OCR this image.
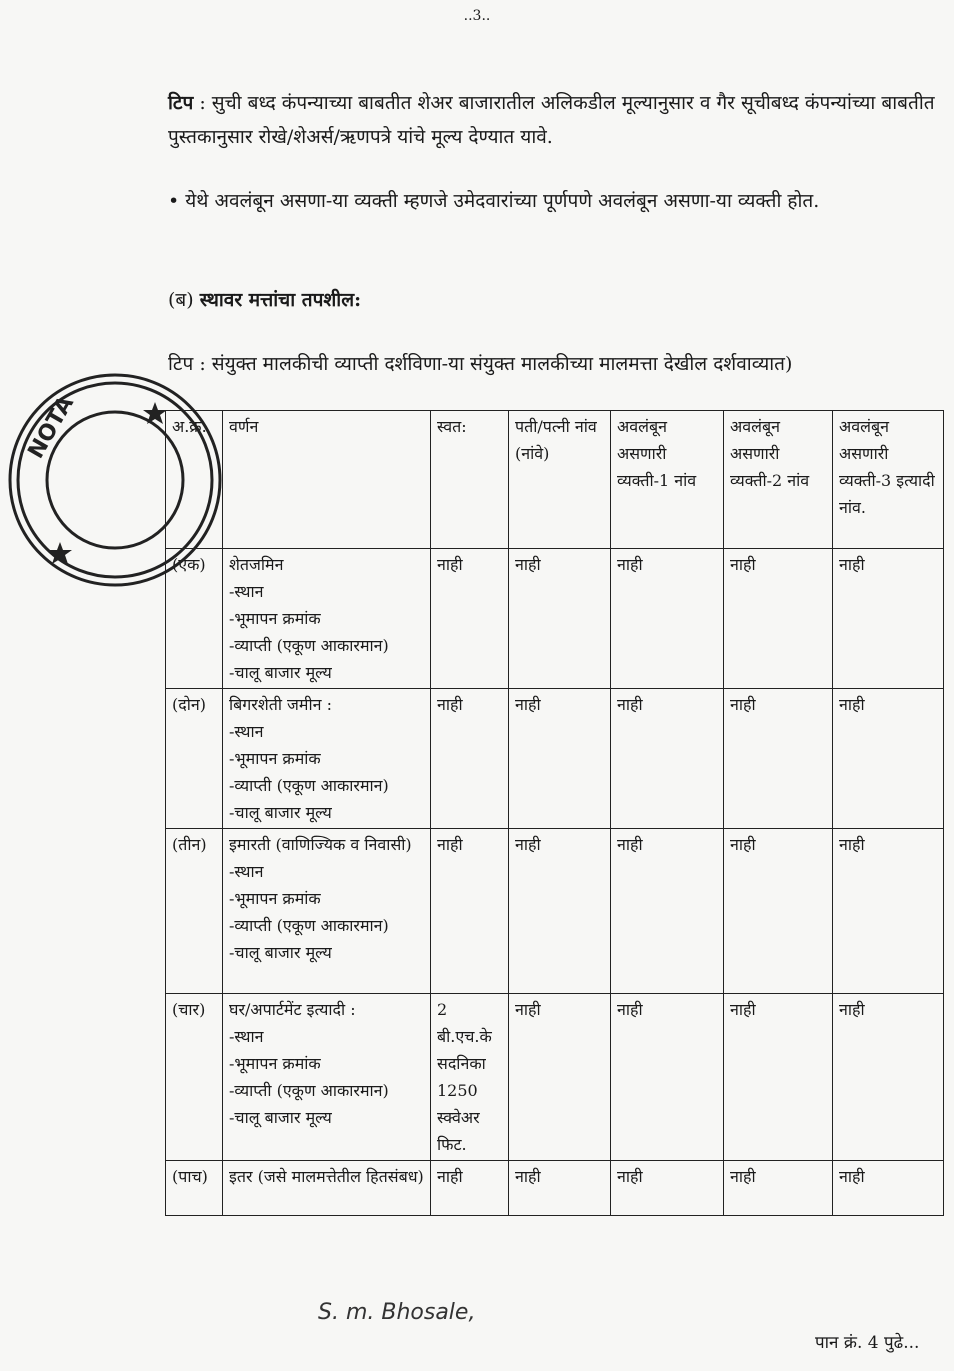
..3..
टिप : सुची बध्द कंपन्याच्या बाबतीत शेअर बाजारातील अलिकडील मूल्यानुसार व गैर सूचीबध्द कंपन्यांच्या बाबतीत पुस्तकानुसार रोखे/शेअर्स/ऋणपत्रे यांचे मूल्य देण्यात यावे.
• येथे अवलंबून असणा-या व्यक्ती म्हणजे उमेदवारांच्या पूर्णपणे अवलंबून असणा-या व्यक्ती होत.
(ब) स्थावर मत्तांचा तपशील:
टिप : संयुक्त मालकीची व्याप्ती दर्शविणा-या संयुक्त मालकीच्या मालमत्ता देखील दर्शवाव्यात)
अ.क्र.	वर्णन	स्वत:	पती/पत्नी नांव (नांवे)	अवलंबून असणारी व्यक्ती-1 नांव	अवलंबून असणारी व्यक्ती-2 नांव	अवलंबून असणारी व्यक्ती-3 इत्यादी नांव.
(एक)	शेतजमिन
-स्थान
-भूमापन क्रमांक
-व्याप्ती (एकूण आकारमान)
-चालू बाजार मूल्य	नाही	नाही	नाही	नाही	नाही
(दोन)	बिगरशेती जमीन :
-स्थान
-भूमापन क्रमांक
-व्याप्ती (एकूण आकारमान)
-चालू बाजार मूल्य	नाही	नाही	नाही	नाही	नाही
(तीन)	इमारती (वाणिज्यिक व निवासी)
-स्थान
-भूमापन क्रमांक
-व्याप्ती (एकूण आकारमान)
-चालू बाजार मूल्य	नाही	नाही	नाही	नाही	नाही
(चार)	घर/अपार्टमेंट इत्यादी :
-स्थान
-भूमापन क्रमांक
-व्याप्ती (एकूण आकारमान)
-चालू बाजार मूल्य	2 बी.एच.के सदनिका 1250 स्क्वेअर फिट.	नाही	नाही	नाही	नाही
(पाच)	इतर (जसे मालमत्तेतील हितसंबध)	नाही	नाही	नाही	नाही	नाही
NOTA
S. m. Bhosale,
पान क्रं. 4 पुढे...
